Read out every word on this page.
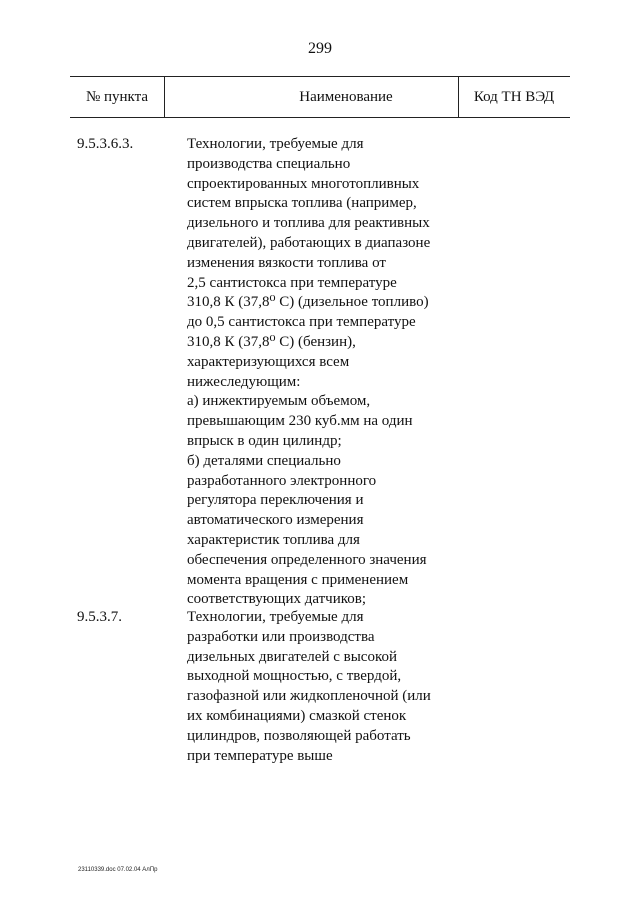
299
№ пункта	Наименование	Код ТН ВЭД
9.5.3.6.3.	Технологии, требуемые для
производства специально
спроектированных многотопливных
систем впрыска топлива (например,
дизельного и топлива для реактивных
двигателей), работающих в диапазоне
изменения вязкости топлива от
2,5 сантистокса при температуре
310,8 К (37,8⁰ С) (дизельное топливо)
до 0,5 сантистокса при температуре
310,8 К (37,8⁰ С) (бензин),
характеризующихся всем
нижеследующим:
а) инжектируемым объемом,
превышающим 230 куб.мм на один
впрыск в один цилиндр;
б) деталями специально
разработанного электронного
регулятора переключения и
автоматического измерения
характеристик топлива для
обеспечения определенного значения
момента вращения с применением
соответствующих датчиков;
9.5.3.7.	Технологии, требуемые для
разработки или производства
дизельных двигателей с высокой
выходной мощностью, с твердой,
газофазной или жидкопленочной (или
их комбинациями) смазкой стенок
цилиндров, позволяющей работать
при температуре выше
23110339.doc 07.02.04 АлПр
